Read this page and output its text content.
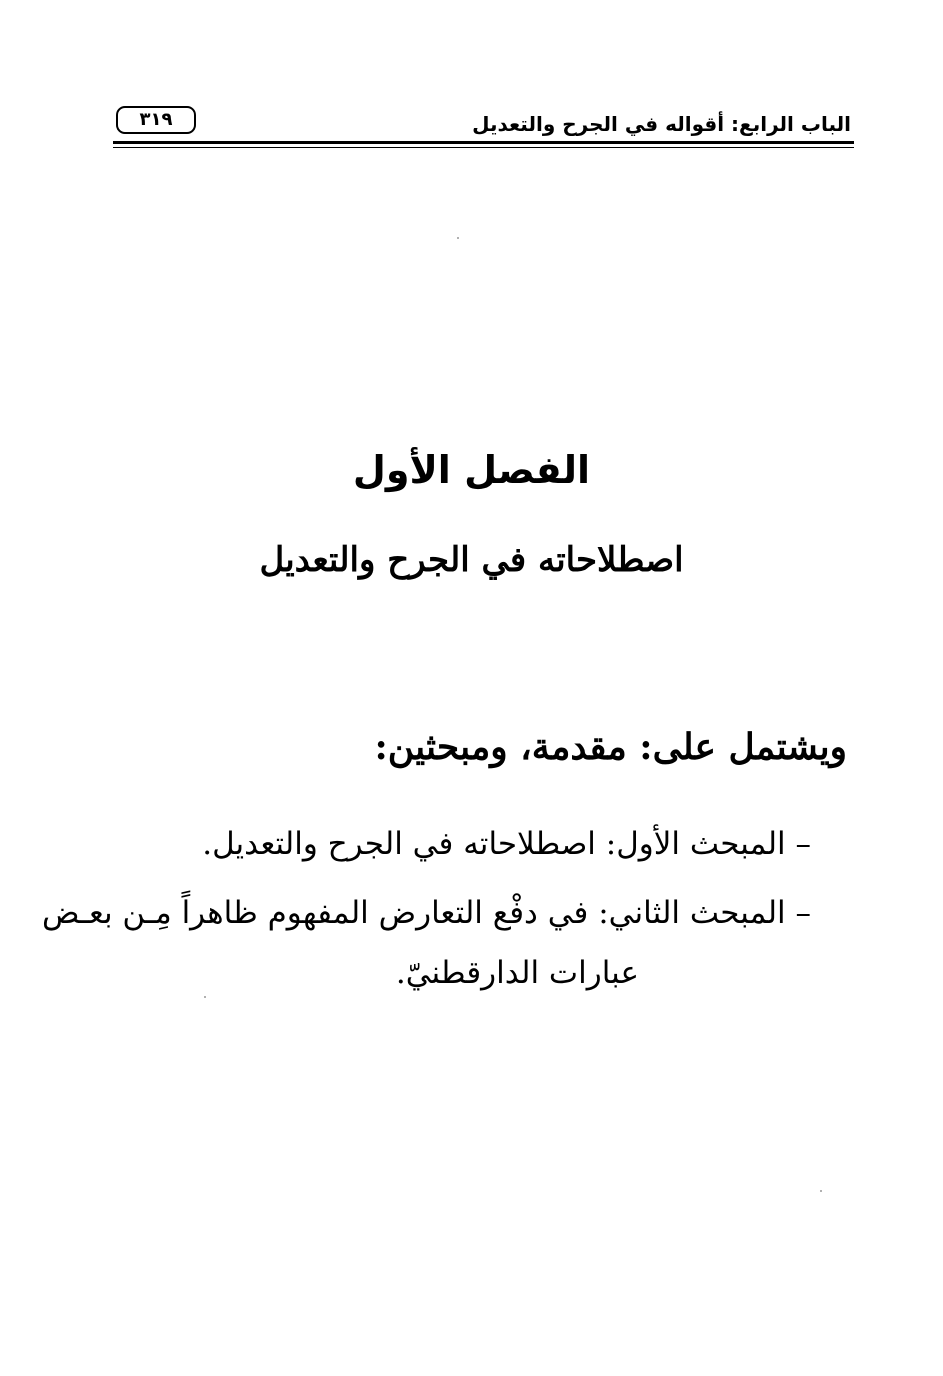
الباب الرابع: أقواله في الجرح والتعديل
٣١٩
الفصل الأول
اصطلاحاته في الجرح والتعديل
ويشتمل على: مقدمة، ومبحثين:
– المبحث الأول: اصطلاحاته في الجرح والتعديل.
– المبحث الثاني: في دفْع التعارض المفهوم ظاهراً مِـن بعـض
عبارات الدارقطنيّ.
